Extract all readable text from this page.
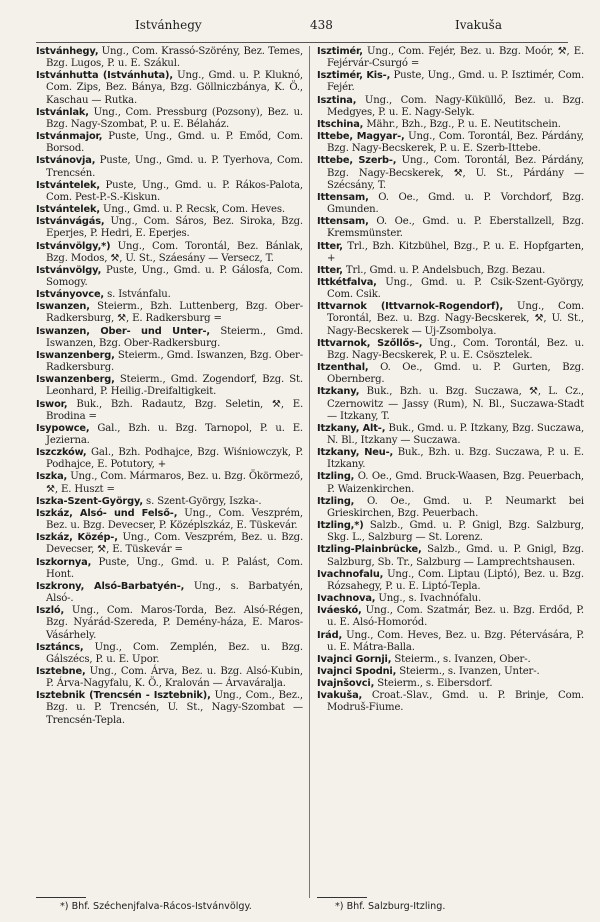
Istvánhegy	438	Ivakuša

Istvánhegy, Ung., Com. Krassó-Szörény, Bez. Temes, Bzg. Lugos, P. u. E. Szákul.

Istvánhutta (Istvánhuta), Ung., Gmd. u. P. Kluknó, Com. Zips, Bez. Bánya, Bzg. Göllniczbánya, K. Ö., Kaschau — Rutka.

Istvánlak, Ung., Com. Pressburg (Pozsony), Bez. u. Bzg. Nagy-Szombat, P. u. E. Bélaház.

Istvánmajor, Puste, Ung., Gmd. u. P. Emőd, Com. Borsod.

Istvánovja, Puste, Ung., Gmd. u. P. Tyerhova, Com. Trencsén.

Istvántelek, Puste, Ung., Gmd. u. P. Rákos-Palota, Com. Pest-P.-S.-Kiskun.

Istvántelek, Ung., Gmd. u. P. Recsk, Com. Heves.

Istvánvágás, Ung., Com. Sáros, Bez. Siroka, Bzg. Eperjes, P. Hedri, E. Eperjes.

Istvánvölgy,*) Ung., Com. Torontál, Bez. Bánlak, Bzg. Modos, ⚒, U. St., Száesány — Versecz, T.

Istvánvölgy, Puste, Ung., Gmd. u. P. Gálosfa, Com. Somogy.

Istványovce, s. Istvánfalu.

Iswanzen, Steierm., Bzh. Luttenberg, Bzg. Ober-Radkersburg, ⚒, E. Radkersburg =

Iswanzen, Ober- und Unter-, Steierm., Gmd. Iswanzen, Bzg. Ober-Radkersburg.

Iswanzenberg, Steierm., Gmd. Iswanzen, Bzg. Ober-Radkersburg.

Iswanzenberg, Steierm., Gmd. Zogendorf, Bzg. St. Leonhard, P. Heilig.-Dreifaltigkeit.

Iswor, Buk., Bzh. Radautz, Bzg. Seletin, ⚒, E. Brodina =

Isypowce, Gal., Bzh. u. Bzg. Tarnopol, P. u. E. Jezierna.

Iszczków, Gal., Bzh. Podhajce, Bzg. Wiśniowczyk, P. Podhajce, E. Potutory, +

Iszka, Ung., Com. Mármaros, Bez. u. Bzg. Ökörmező, ⚒, E. Huszt =

Iszka-Szent-György, s. Szent-György, Iszka-.

Iszkáz, Alsó- und Felső-, Ung., Com. Veszprém, Bez. u. Bzg. Devecser, P. Középlszkáz, E. Tüskevár.

Iszkáz, Közép-, Ung., Com. Veszprém, Bez. u. Bzg. Devecser, ⚒, E. Tüskevár =

Iszkornya, Puste, Ung., Gmd. u. P. Palást, Com. Hont.

Iszkrony, Alsó-Barbatyén-, Ung., s. Barbatyén, Alsó-.

Iszló, Ung., Com. Maros-Torda, Bez. Alsó-Régen, Bzg. Nyárád-Szereda, P. Demény-háza, E. Maros-Vásárhely.

Isztáncs, Ung., Com. Zemplén, Bez. u. Bzg. Gálszécs, P. u. E. Upor.

Isztebne, Ung., Com. Árva, Bez. u. Bzg. Alsó-Kubin, P. Árva-Nagyfalu, K. Ö., Kralován — Árvaváralja.

Isztebnik (Trencsén - Isztebnik), Ung., Com., Bez., Bzg. u. P. Trencsén, U. St., Nagy-Szombat — Trencsén-Tepla.

Isztimér, Ung., Com. Fejér, Bez. u. Bzg. Moór, ⚒, E. Fejérvár-Csurgó =

Isztimér, Kis-, Puste, Ung., Gmd. u. P. Isztimér, Com. Fejér.

Isztina, Ung., Com. Nagy-Küküllő, Bez. u. Bzg. Medgyes, P. u. E. Nagy-Selyk.

Itschina, Mähr., Bzh., Bzg., P. u. E. Neutitschein.

Ittebe, Magyar-, Ung., Com. Torontál, Bez. Párdány, Bzg. Nagy-Becskerek, P. u. E. Szerb-Ittebe.

Ittebe, Szerb-, Ung., Com. Torontál, Bez. Párdány, Bzg. Nagy-Becskerek, ⚒, U. St., Párdány — Szécsány, T.

Ittensam, O. Oe., Gmd. u. P. Vorchdorf, Bzg. Gmunden.

Ittensam, O. Oe., Gmd. u. P. Eberstallzell, Bzg. Kremsmünster.

Itter, Trl., Bzh. Kitzbühel, Bzg., P. u. E. Hopfgarten, +

Itter, Trl., Gmd. u. P. Andelsbuch, Bzg. Bezau.

Ittkétfalva, Ung., Gmd. u. P. Csik-Szent-György, Com. Csik.

Ittvarnok (Ittvarnok-Rogendorf), Ung., Com. Torontál, Bez. u. Bzg. Nagy-Becskerek, ⚒, U. St., Nagy-Becskerek — Uj-Zsombolya.

Ittvarnok, Szőllős-, Ung., Com. Torontál, Bez. u. Bzg. Nagy-Becskerek, P. u. E. Csösztelek.

Itzenthal, O. Oe., Gmd. u. P. Gurten, Bzg. Obernberg.

Itzkany, Buk., Bzh. u. Bzg. Suczawa, ⚒, L. Cz., Czernowitz — Jassy (Rum), N. Bl., Suczawa-Stadt — Itzkany, T.

Itzkany, Alt-, Buk., Gmd. u. P. Itzkany, Bzg. Suczawa, N. Bl., Itzkany — Suczawa.

Itzkany, Neu-, Buk., Bzh. u. Bzg. Suczawa, P. u. E. Itzkany.

Itzling, O. Oe., Gmd. Bruck-Waasen, Bzg. Peuerbach, P. Waizenkirchen.

Itzling, O. Oe., Gmd. u. P. Neumarkt bei Grieskirchen, Bzg. Peuerbach.

Itzling,*) Salzb., Gmd. u. P. Gnigl, Bzg. Salzburg, Skg. L., Salzburg — St. Lorenz.

Itzling-Plainbrücke, Salzb., Gmd. u. P. Gnigl, Bzg. Salzburg, Sb. Tr., Salzburg — Lamprechtshausen.

Ivachnofalu, Ung., Com. Liptau (Liptó), Bez. u. Bzg. Rózsahegy, P. u. E. Liptó-Tepla.

Ivachnova, Ung., s. Ivachnófalu.

Iváeskó, Ung., Com. Szatmár, Bez. u. Bzg. Erdőd, P. u. E. Alsó-Homoród.

Irád, Ung., Com. Heves, Bez. u. Bzg. Pétervására, P. u. E. Mátra-Balla.

Ivajnci Gornji, Steierm., s. Ivanzen, Ober-.

Ivajnci Spodni, Steierm., s. Ivanzen, Unter-.

Ivajnšovci, Steierm., s. Eibersdorf.

Ivakuša, Croat.-Slav., Gmd. u. P. Brinje, Com. Modruš-Fiume.

*) Bhf. Széchenjfalva-Rácos-Istvánvölgy.	*) Bhf. Salzburg-Itzling.
